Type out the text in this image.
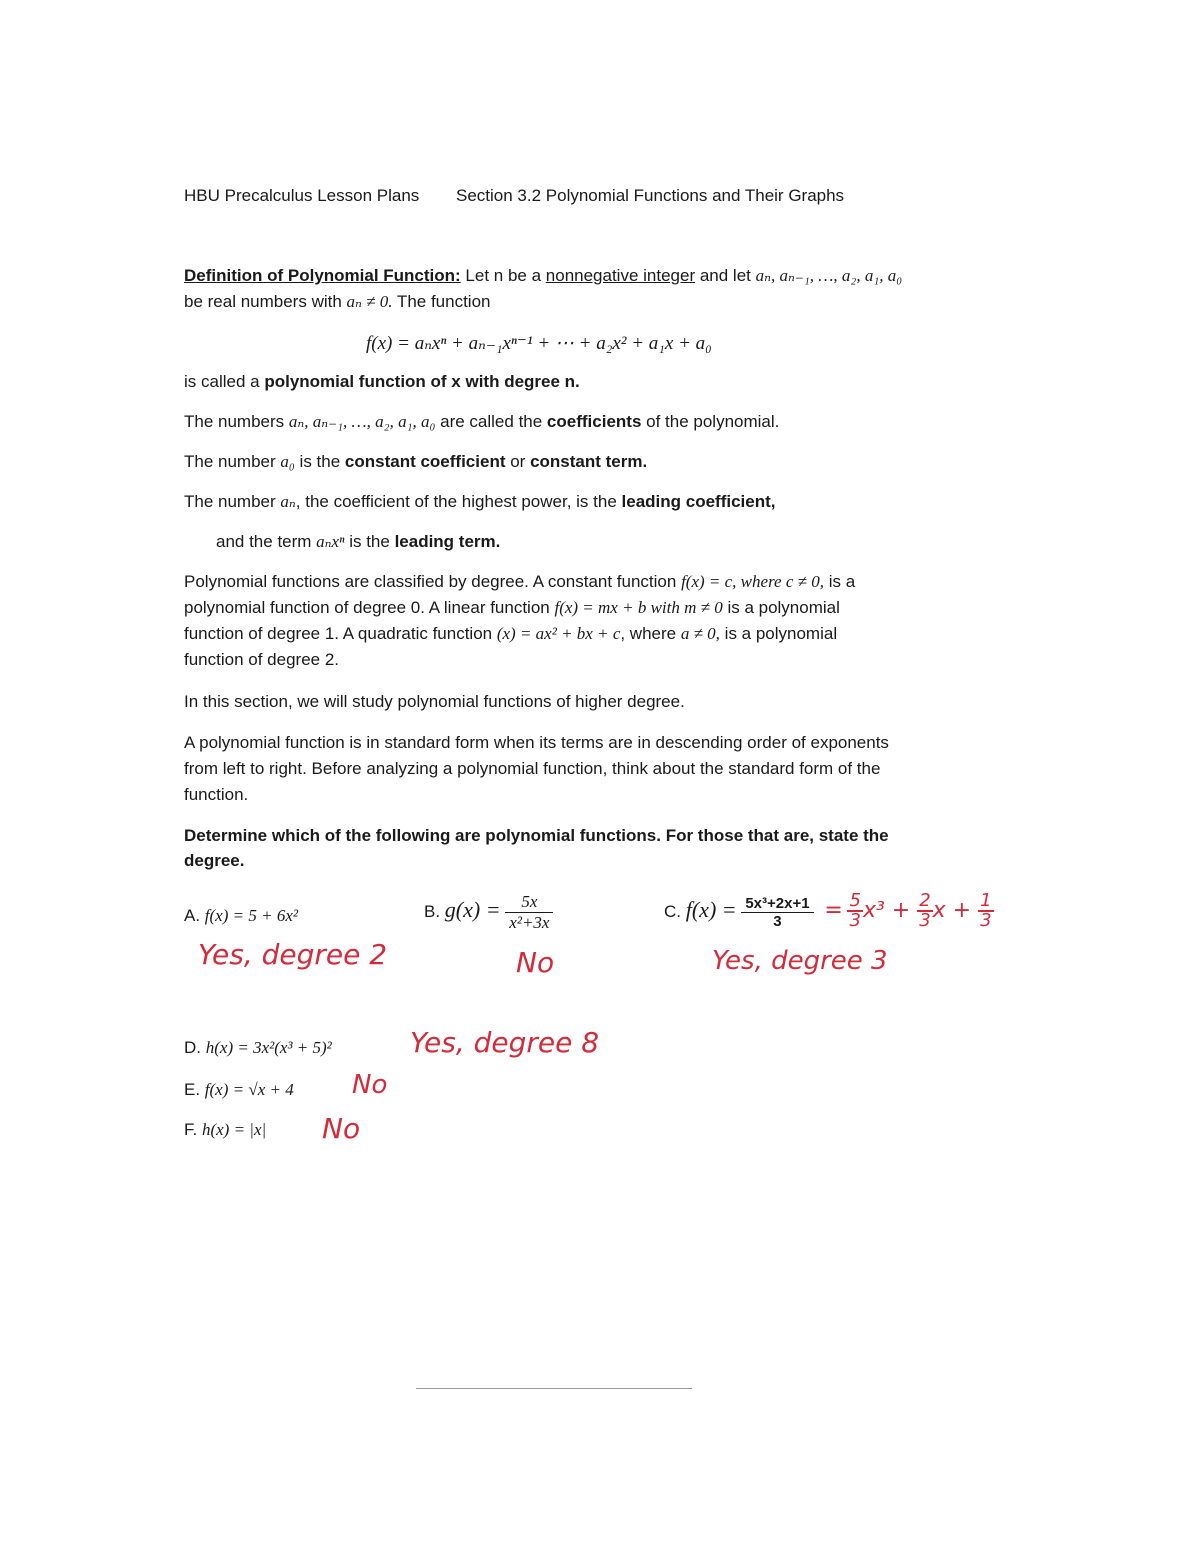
HBU Precalculus Lesson Plans Section 3.2 Polynomial Functions and Their Graphs
Definition of Polynomial Function: Let n be a nonnegative integer and let aₙ, aₙ₋₁, …, a₂, a₁, a₀
be real numbers with aₙ ≠ 0. The function
f(x) = aₙxⁿ + aₙ₋₁xⁿ⁻¹ + ⋯ + a₂x² + a₁x + a₀
is called a polynomial function of x with degree n.
The numbers aₙ, aₙ₋₁, …, a₂, a₁, a₀ are called the coefficients of the polynomial.
The number a₀ is the constant coefficient or constant term.
The number aₙ, the coefficient of the highest power, is the leading coefficient,
and the term aₙxⁿ is the leading term.
Polynomial functions are classified by degree. A constant function f(x) = c, where c ≠ 0, is a
polynomial function of degree 0. A linear function f(x) = mx + b with m ≠ 0 is a polynomial
function of degree 1. A quadratic function (x) = ax² + bx + c, where a ≠ 0, is a polynomial
function of degree 2.
In this section, we will study polynomial functions of higher degree.
A polynomial function is in standard form when its terms are in descending order of exponents
from left to right. Before analyzing a polynomial function, think about the standard form of the
function.
Determine which of the following are polynomial functions. For those that are, state the
degree.
A. f(x) = 5 + 6x²
Yes, degree 2
B. $g(x) = \frac{5x}{\text{x²+3x}}$
No
C. $f(x) = \frac{\text{5x³+2x+1}}{3} = \frac{5}{3} x^3 + \frac{2}{3}$ $x + \frac{1}{3}$
Yes, degree 3
D. h(x) = 3x²(x³ + 5)²	Yes, degree 8
E. f(x) = √x + 4 No
F. h(x) = |x| No
